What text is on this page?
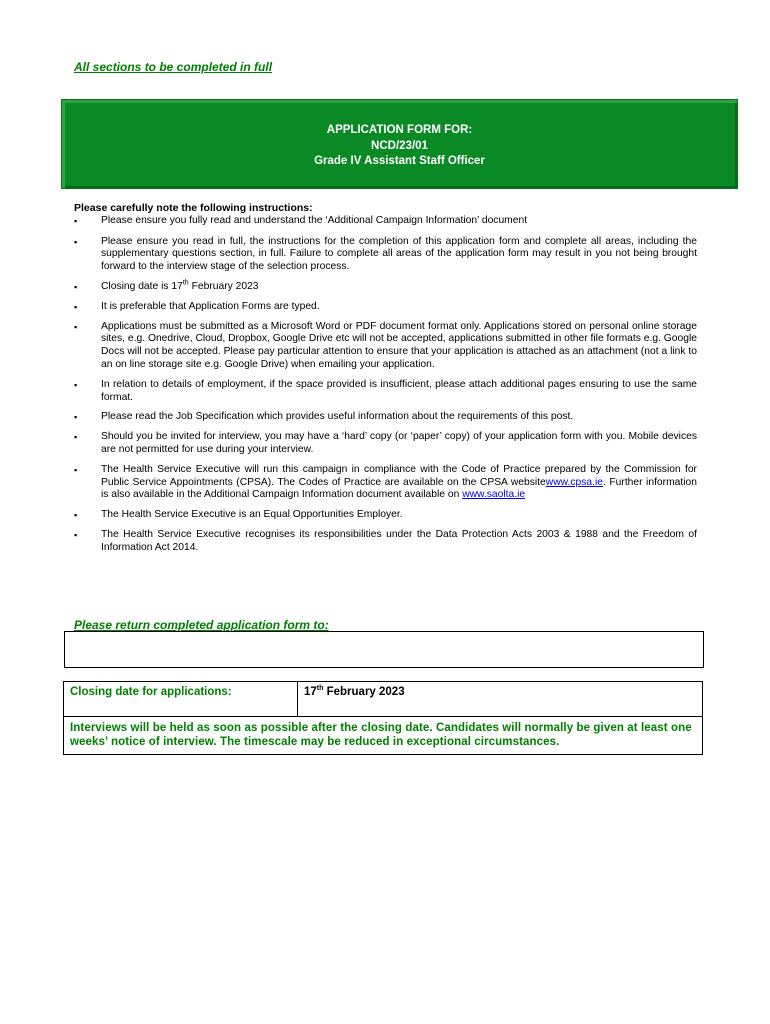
All sections to be completed in full
APPLICATION FORM FOR:
NCD/23/01
Grade IV Assistant Staff Officer
Please carefully note the following instructions:
▪ Please ensure you fully read and understand the ‘Additional Campaign Information’ document
▪ Please ensure you read in full, the instructions for the completion of this application form and complete all areas, including the supplementary questions section, in full. Failure to complete all areas of the application form may result in you not being brought forward to the interview stage of the selection process.
▪ Closing date is 17th February 2023
▪ It is preferable that Application Forms are typed.
▪ Applications must be submitted as a Microsoft Word or PDF document format only. Applications stored on personal online storage sites, e.g. Onedrive, Cloud, Dropbox, Google Drive etc will not be accepted, applications submitted in other file formats e.g. Google Docs will not be accepted. Please pay particular attention to ensure that your application is attached as an attachment (not a link to an on line storage site e.g. Google Drive) when emailing your application.
▪ In relation to details of employment, if the space provided is insufficient, please attach additional pages ensuring to use the same format.
▪ Please read the Job Specification which provides useful information about the requirements of this post.
▪ Should you be invited for interview, you may have a ‘hard’ copy (or ‘paper’ copy) of your application form with you. Mobile devices are not permitted for use during your interview.
▪ The Health Service Executive will run this campaign in compliance with the Code of Practice prepared by the Commission for Public Service Appointments (CPSA). The Codes of Practice are available on the CPSA websitewww.cpsa.ie. Further information is also available in the Additional Campaign Information document available on www.saolta.ie
▪ The Health Service Executive is an Equal Opportunities Employer.
▪ The Health Service Executive recognises its responsibilities under the Data Protection Acts 2003 & 1988 and the Freedom of Information Act 2014.
Please return completed application form to:
Closing date for applications:	17th February 2023
Interviews will be held as soon as possible after the closing date. Candidates will normally be given at least one weeks’ notice of interview. The timescale may be reduced in exceptional circumstances.
